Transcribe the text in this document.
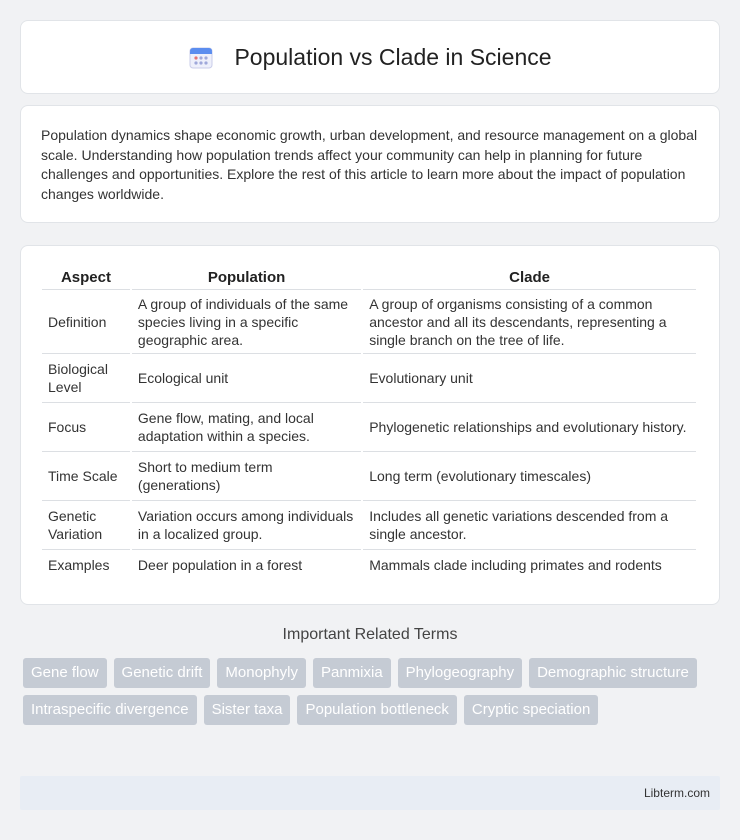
Population vs Clade in Science

Population dynamics shape economic growth, urban development, and resource management on a global scale. Understanding how population trends affect your community can help in planning for future challenges and opportunities. Explore the rest of this article to learn more about the impact of population changes worldwide.

Aspect	Population	Clade
Definition	A group of individuals of the same species living in a specific geographic area.	A group of organisms consisting of a common ancestor and all its descendants, representing a single branch on the tree of life.
Biological Level	Ecological unit	Evolutionary unit
Focus	Gene flow, mating, and local adaptation within a species.	Phylogenetic relationships and evolutionary history.
Time Scale	Short to medium term (generations)	Long term (evolutionary timescales)
Genetic Variation	Variation occurs among individuals in a localized group.	Includes all genetic variations descended from a single ancestor.
Examples	Deer population in a forest	Mammals clade including primates and rodents
Important Related Terms
Gene flow	Genetic drift	Monophyly	Panmixia	Phylogeography	Demographic structure
Intraspecific divergence	Sister taxa	Population bottleneck	Cryptic speciation
Libterm.com
